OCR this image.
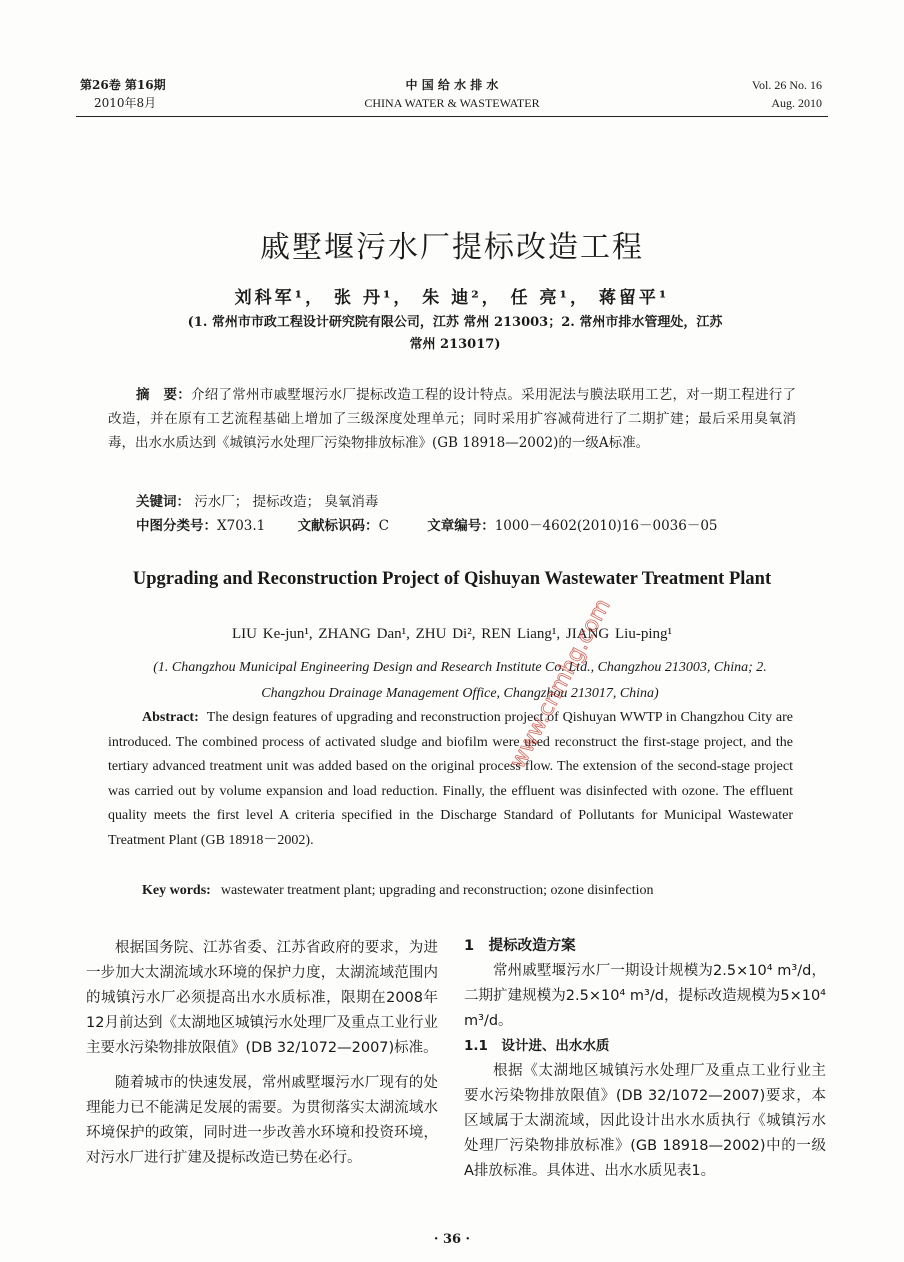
第26卷 第16期
2010年8月
中 国 给 水 排 水
CHINA WATER & WASTEWATER
Vol. 26 No. 16
Aug. 2010
戚墅堰污水厂提标改造工程
刘科军¹， 张 丹¹， 朱 迪²， 任 亮¹， 蒋留平¹
(1. 常州市市政工程设计研究院有限公司，江苏 常州 213003；2. 常州市排水管理处，江苏
常州 213017)
摘　要：介绍了常州市戚墅堰污水厂提标改造工程的设计特点。采用泥法与膜法联用工艺，对一期工程进行了改造，并在原有工艺流程基础上增加了三级深度处理单元；同时采用扩容减荷进行了二期扩建；最后采用臭氧消毒，出水水质达到《城镇污水处理厂污染物排放标准》(GB 18918—2002)的一级A标准。
关键词： 污水厂； 提标改造； 臭氧消毒
中图分类号：X703.1 文献标识码：C	文章编号：1000－4602(2010)16－0036－05
Upgrading and Reconstruction Project of Qishuyan Wastewater Treatment Plant
LIU Ke-jun¹, ZHANG Dan¹, ZHU Di², REN Liang¹, JIANG Liu-ping¹
(1. Changzhou Municipal Engineering Design and Research Institute Co. Ltd., Changzhou 213003, China; 2. Changzhou Drainage Management Office, Changzhou 213017, China)
Abstract: The design features of upgrading and reconstruction project of Qishuyan WWTP in Changzhou City are introduced. The combined process of activated sludge and biofilm were used reconstruct the first-stage project, and the tertiary advanced treatment unit was added based on the original process flow. The extension of the second-stage project was carried out by volume expansion and load reduction. Finally, the effluent was disinfected with ozone. The effluent quality meets the first level A criteria specified in the Discharge Standard of Pollutants for Municipal Wastewater Treatment Plant (GB 18918－2002).
Key words: wastewater treatment plant; upgrading and reconstruction; ozone disinfection
www.cnmhg.com

根据国务院、江苏省委、江苏省政府的要求，为进一步加大太湖流域水环境的保护力度，太湖流域范围内的城镇污水厂必须提高出水水质标准，限期在2008年12月前达到《太湖地区城镇污水处理厂及重点工业行业主要水污染物排放限值》(DB 32/1072—2007)标准。

随着城市的快速发展，常州戚墅堰污水厂现有的处理能力已不能满足发展的需要。为贯彻落实太湖流域水环境保护的政策，同时进一步改善水环境和投资环境，对污水厂进行扩建及提标改造已势在必行。

1　提标改造方案

常州戚墅堰污水厂一期设计规模为2.5×10⁴ m³/d，二期扩建规模为2.5×10⁴ m³/d，提标改造规模为5×10⁴ m³/d。

1.1　设计进、出水水质

根据《太湖地区城镇污水处理厂及重点工业行业主要水污染物排放限值》(DB 32/1072—2007)要求，本区域属于太湖流域，因此设计出水水质执行《城镇污水处理厂污染物排放标准》(GB 18918—2002)中的一级A排放标准。具体进、出水水质见表1。

· 36 ·
